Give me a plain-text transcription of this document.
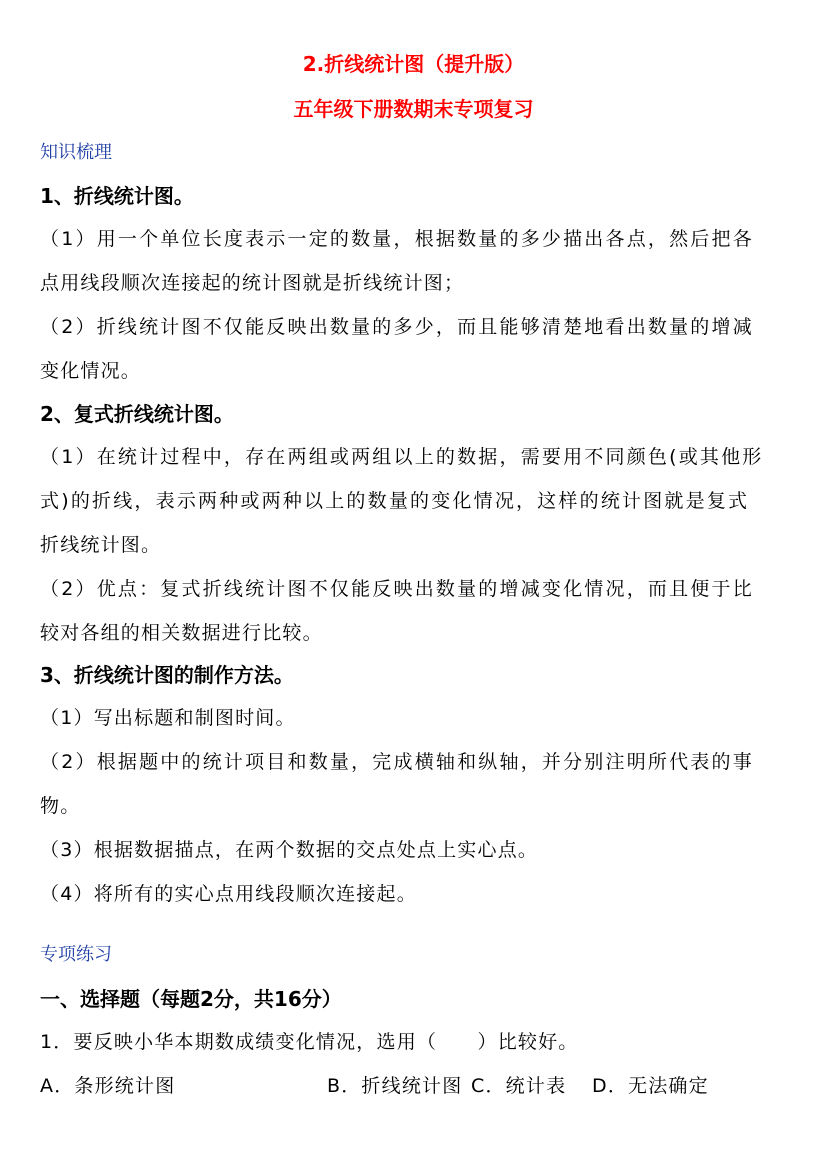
2.折线统计图（提升版）
五年级下册数期末专项复习
知识梳理
1、折线统计图。
（1）用一个单位长度表示一定的数量，根据数量的多少描出各点，然后把各
点用线段顺次连接起的统计图就是折线统计图；
（2）折线统计图不仅能反映出数量的多少，而且能够清楚地看出数量的增减
变化情况。
2、复式折线统计图。
（1）在统计过程中，存在两组或两组以上的数据，需要用不同颜色(或其他形
式)的折线，表示两种或两种以上的数量的变化情况，这样的统计图就是复式
折线统计图。
（2）优点：复式折线统计图不仅能反映出数量的增减变化情况，而且便于比
较对各组的相关数据进行比较。
3、折线统计图的制作方法。
（1）写出标题和制图时间。
（2）根据题中的统计项目和数量，完成横轴和纵轴，并分别注明所代表的事
物。
（3）根据数据描点，在两个数据的交点处点上实心点。
（4）将所有的实心点用线段顺次连接起。
专项练习
一、选择题（每题2分，共16分）
1．要反映小华本期数成绩变化情况，选用（　　）比较好。
A．条形统计图	B．折线统计图 C．统计表 D．无法确定
